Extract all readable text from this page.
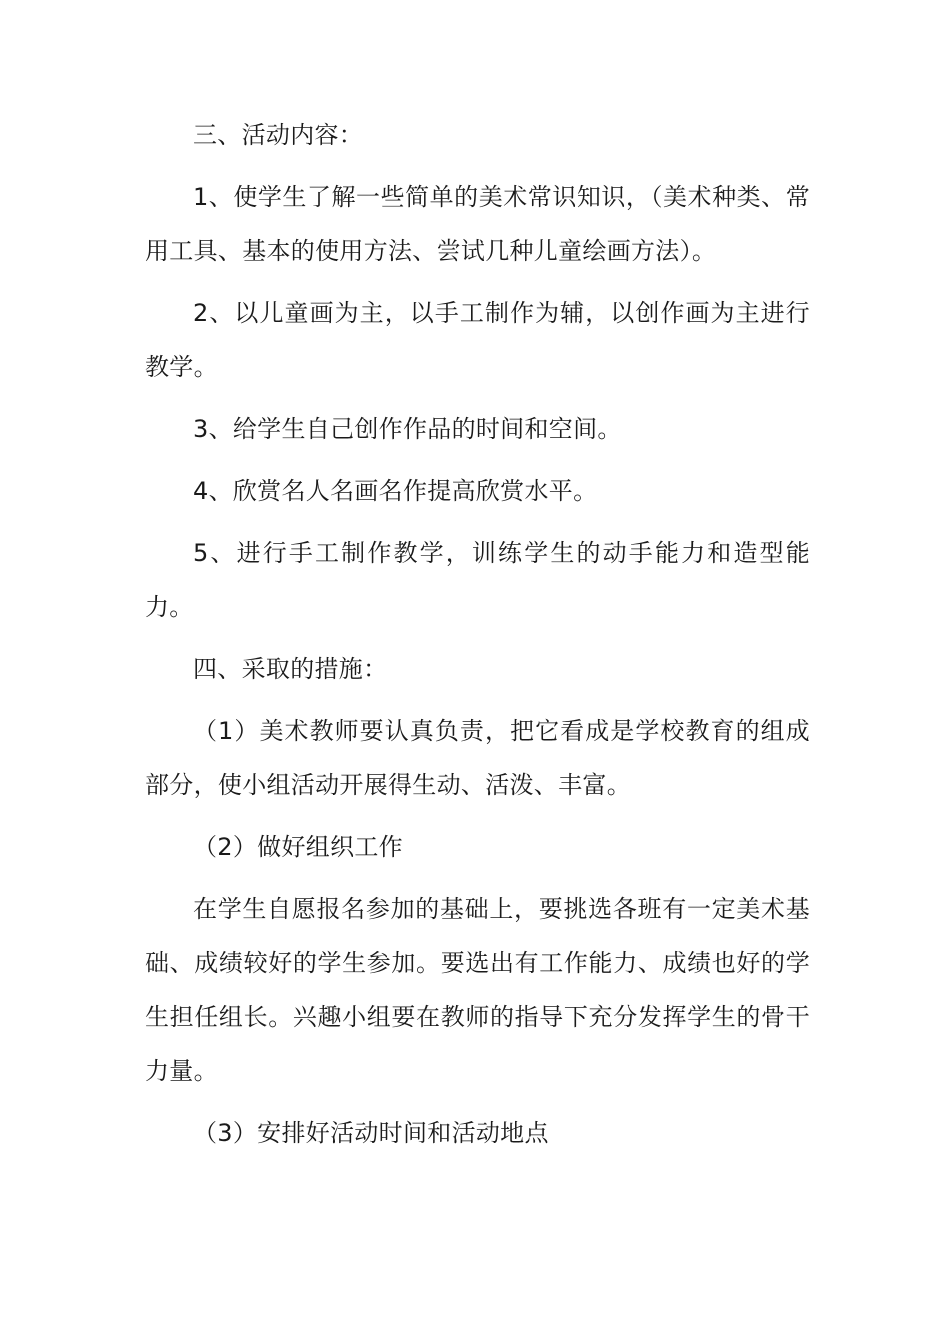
三、活动内容：

1、使学生了解一些简单的美术常识知识，（美术种类、常用工具、基本的使用方法、尝试几种儿童绘画方法）。

2、以儿童画为主，以手工制作为辅，以创作画为主进行教学。

3、给学生自己创作作品的时间和空间。

4、欣赏名人名画名作提高欣赏水平。

5、进行手工制作教学，训练学生的动手能力和造型能力。

四、采取的措施：

（1）美术教师要认真负责，把它看成是学校教育的组成部分，使小组活动开展得生动、活泼、丰富。

（2）做好组织工作

在学生自愿报名参加的基础上，要挑选各班有一定美术基础、成绩较好的学生参加。要选出有工作能力、成绩也好的学生担任组长。兴趣小组要在教师的指导下充分发挥学生的骨干力量。

（3）安排好活动时间和活动地点
